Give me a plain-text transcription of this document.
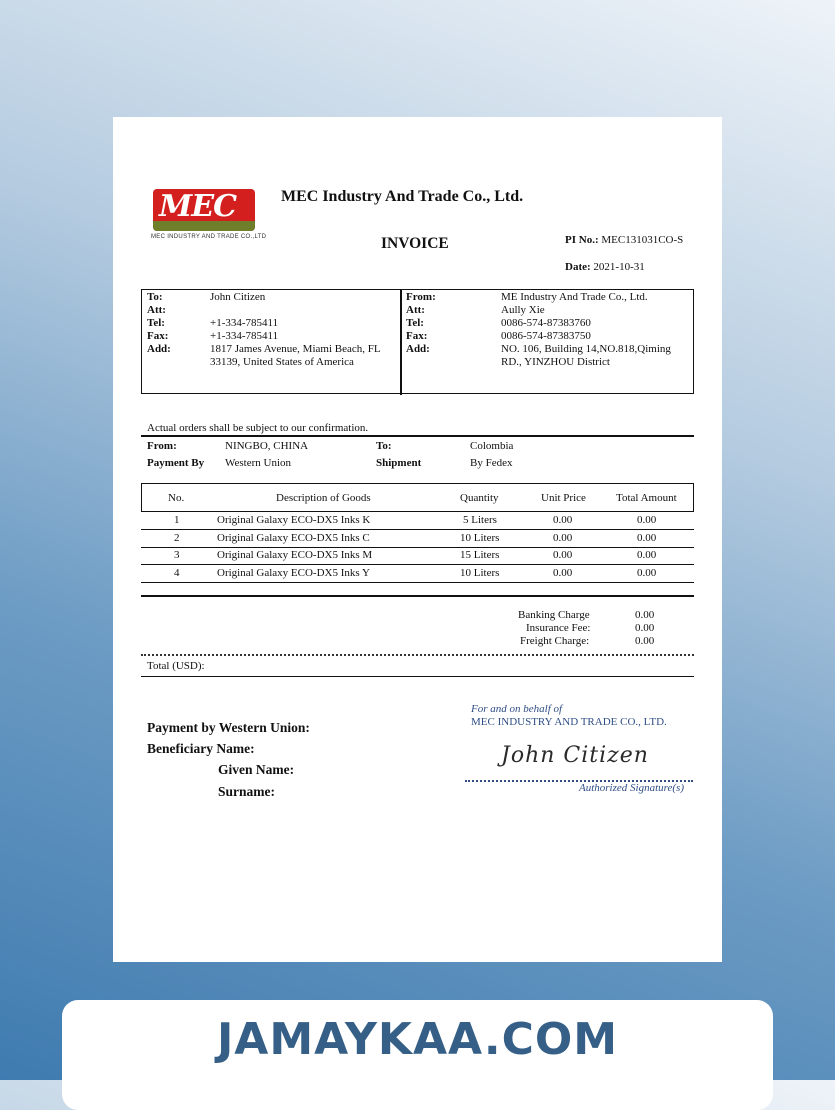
MEC
MEC INDUSTRY AND TRADE CO.,LTD
MEC Industry And Trade Co., Ltd.
INVOICE	PI No.: MEC131031CO-S
Date: 2021-10-31
To:	John Citizen
Att:
Tel:	+1-334-785411
Fax:	+1-334-785411
Add:	1817 James Avenue, Miami Beach, FL
33139, United States of America
From:	ME Industry And Trade Co., Ltd.
Att:	Aully Xie
Tel:	0086-574-87383760
Fax:	0086-574-87383750
Add:	NO. 106, Building 14,NO.818,Qiming
RD., YINZHOU District
Actual orders shall be subject to our confirmation.
From:	NINGBO, CHINA	To:	Colombia
Payment By Western Union	Shipment	By Fedex
No.	Description of Goods	Quantity	Unit Price	Total Amount
1	Original Galaxy ECO-DX5 Inks K	5 Liters	0.00	0.00
2	Original Galaxy ECO-DX5 Inks C	10 Liters	0.00	0.00
3	Original Galaxy ECO-DX5 Inks M	15 Liters	0.00	0.00
4	Original Galaxy ECO-DX5 Inks Y	10 Liters	0.00	0.00
Banking Charge	0.00
Insurance Fee:	0.00
Freight Charge:	0.00
Total (USD):
Payment by Western Union:
Beneficiary Name:
Given Name:
Surname:
For and on behalf of
MEC INDUSTRY AND TRADE CO., LTD.
John Citizen
Authorized Signature(s)
JAMAYKAA.COM
